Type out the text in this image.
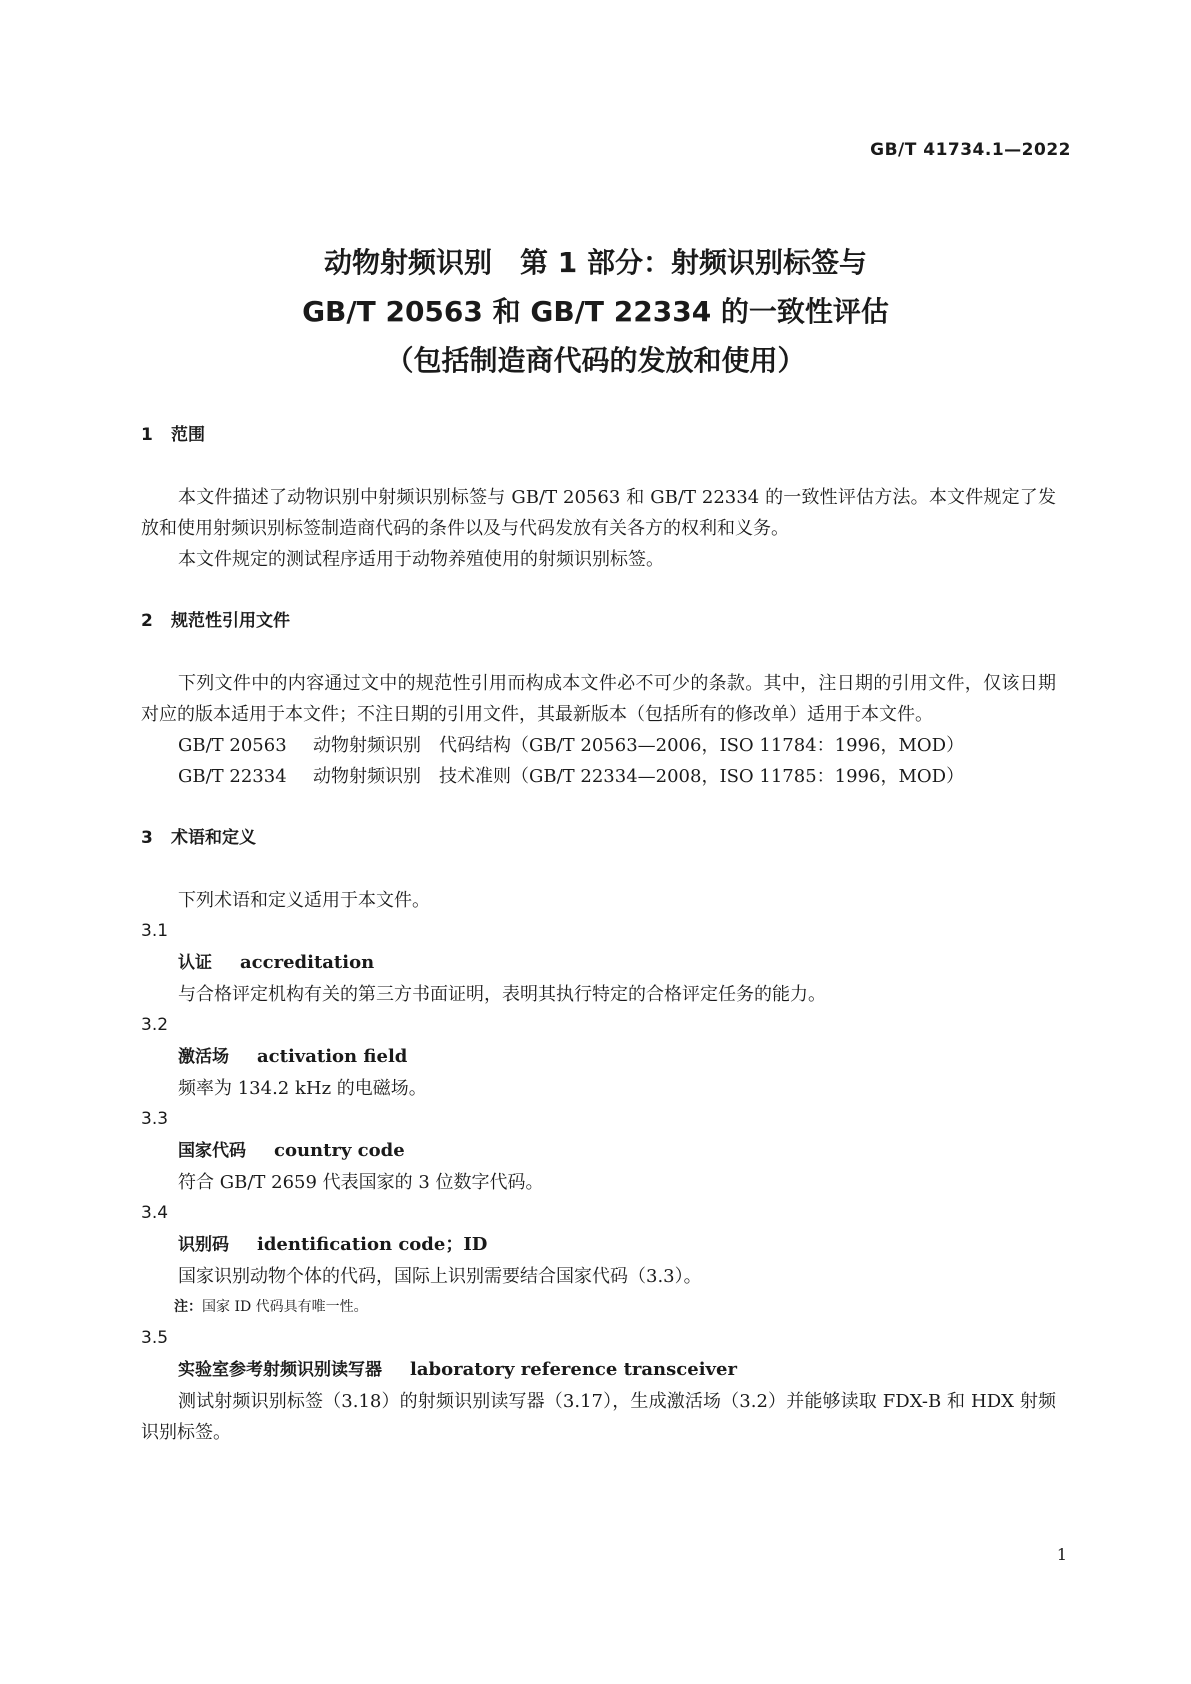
GB/T 41734.1—2022
动物射频识别　第 1 部分：射频识别标签与
GB/T 20563 和 GB/T 22334 的一致性评估
（包括制造商代码的发放和使用）
1 范围

本文件描述了动物识别中射频识别标签与 GB/T 20563 和 GB/T 22334 的一致性评估方法。本文件规定了发放和使用射频识别标签制造商代码的条件以及与代码发放有关各方的权利和义务。

本文件规定的测试程序适用于动物养殖使用的射频识别标签。

2 规范性引用文件

下列文件中的内容通过文中的规范性引用而构成本文件必不可少的条款。其中，注日期的引用文件，仅该日期对应的版本适用于本文件；不注日期的引用文件，其最新版本（包括所有的修改单）适用于本文件。

GB/T 20563 动物射频识别　代码结构（GB/T 20563—2006，ISO 11784：1996，MOD）

GB/T 22334 动物射频识别　技术准则（GB/T 22334—2008，ISO 11785：1996，MOD）

3 术语和定义

下列术语和定义适用于本文件。

3.1

认证 accreditation

与合格评定机构有关的第三方书面证明，表明其执行特定的合格评定任务的能力。

3.2

激活场 activation field

频率为 134.2 kHz 的电磁场。

3.3

国家代码 country code

符合 GB/T 2659 代表国家的 3 位数字代码。

3.4

识别码 identification code；ID

国家识别动物个体的代码，国际上识别需要结合国家代码（3.3）。

注：国家 ID 代码具有唯一性。

3.5

实验室参考射频识别读写器 laboratory reference transceiver

测试射频识别标签（3.18）的射频识别读写器（3.17），生成激活场（3.2）并能够读取 FDX-B 和 HDX 射频识别标签。

1
